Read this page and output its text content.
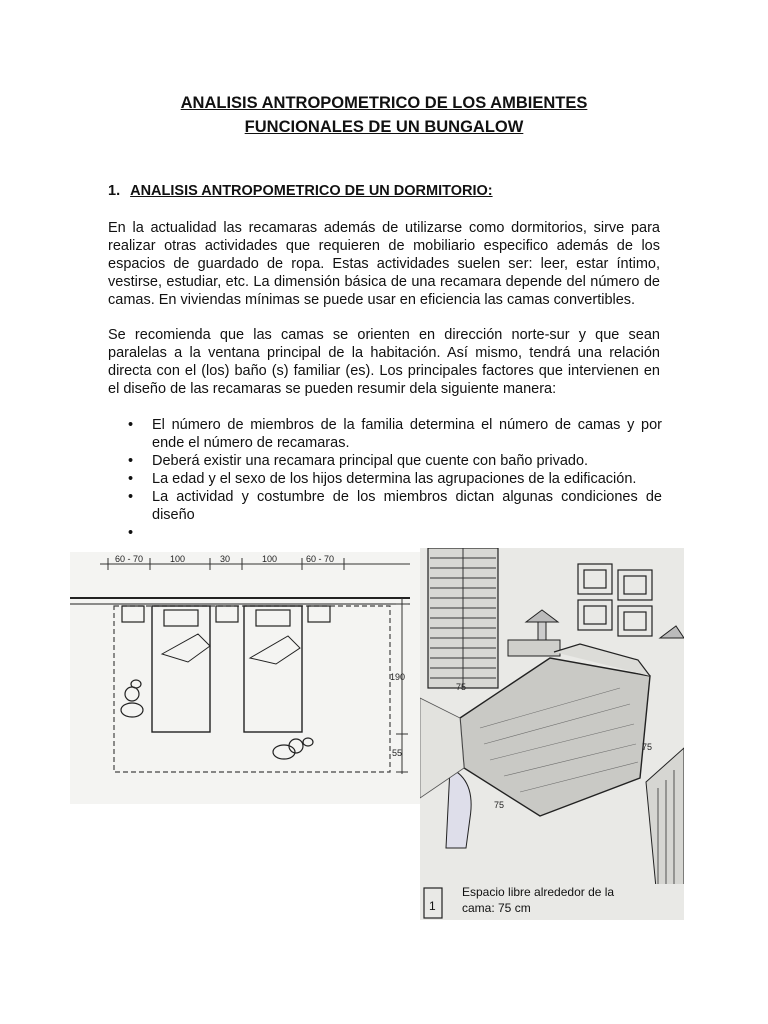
ANALISIS ANTROPOMETRICO DE LOS AMBIENTES
FUNCIONALES DE UN BUNGALOW
1. ANALISIS ANTROPOMETRICO DE UN DORMITORIO:

En la actualidad las recamaras además de utilizarse como dormitorios, sirve para realizar otras actividades que requieren de mobiliario especifico además de los espacios de guardado de ropa. Estas actividades suelen ser: leer, estar íntimo, vestirse, estudiar, etc. La dimensión básica de una recamara depende del número de camas. En viviendas mínimas se puede usar en eficiencia las camas convertibles.

Se recomienda que las camas se orienten en dirección norte-sur y que sean paralelas a la ventana principal de la habitación. Así mismo, tendrá una relación directa con el (los) baño (s) familiar (es). Los principales factores que intervienen en el diseño de las recamaras se pueden resumir dela siguiente manera:

• El número de miembros de la familia determina el número de camas y por ende el número de recamaras.
• Deberá existir una recamara principal que cuente con baño privado.
• La edad y el sexo de los hijos determina las agrupaciones de la edificación.
• La actividad y costumbre de los miembros dictan algunas condiciones de diseño
•
60 - 70	100	30	100	60 - 70
190
55
75
75
75
1
Espacio libre alrededor de la
cama: 75 cm
